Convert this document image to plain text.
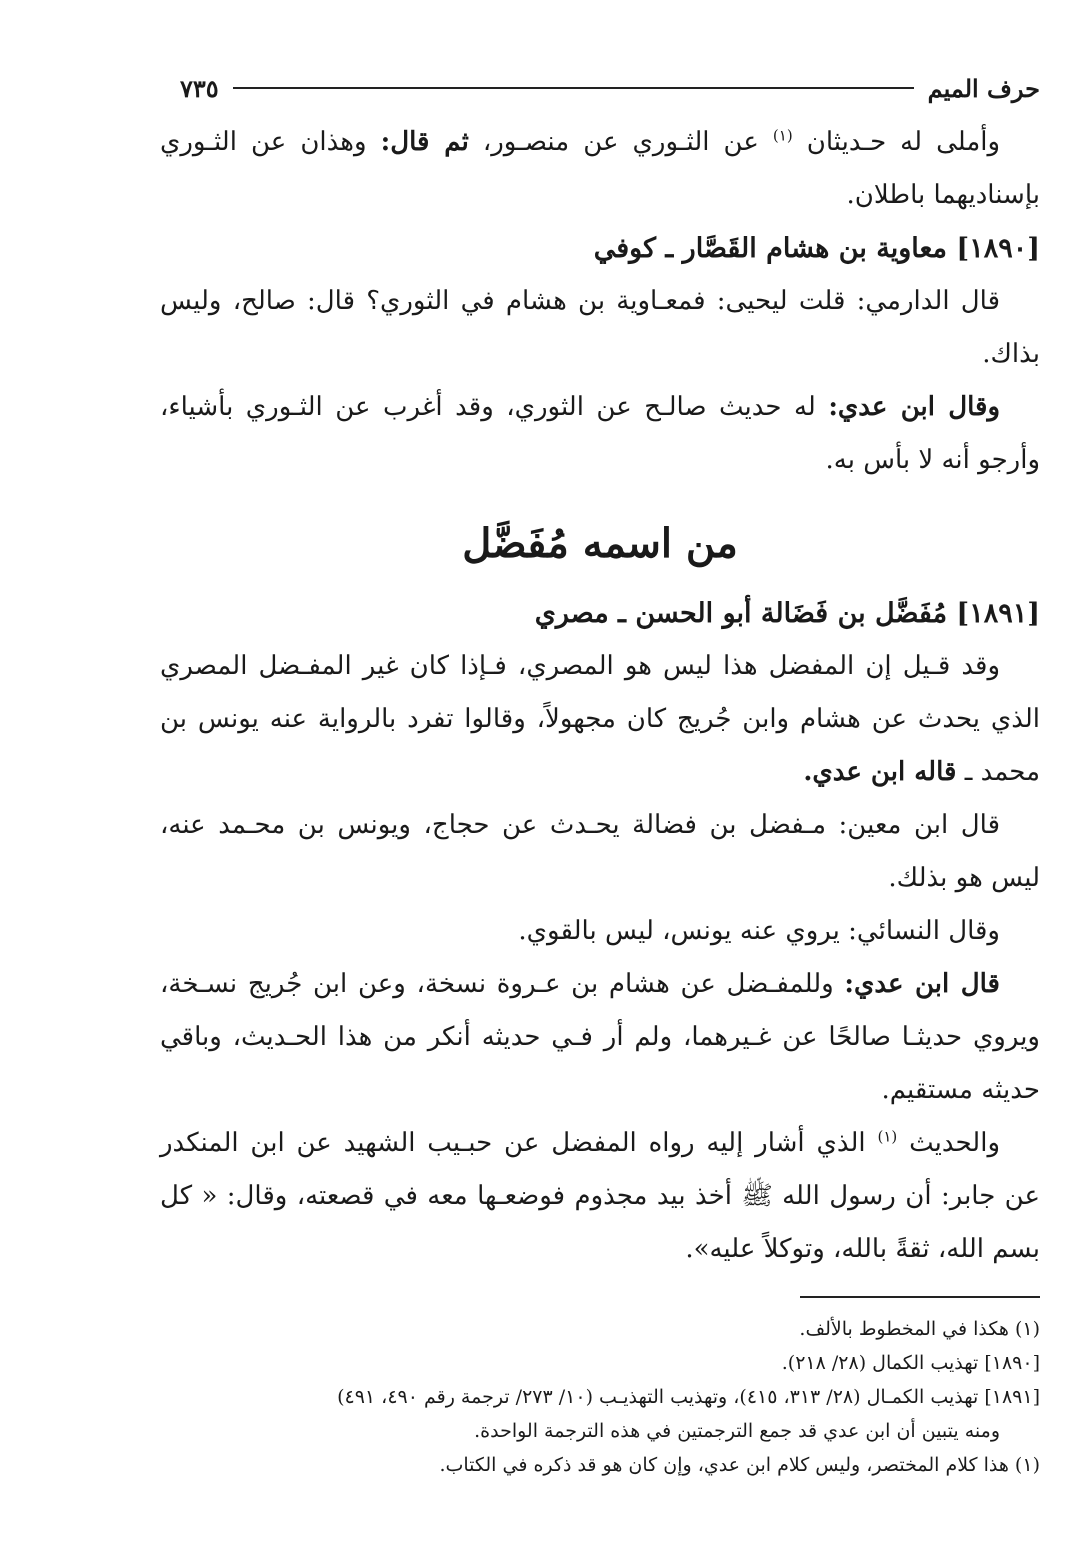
حرف الميم
٧٣٥

وأملى له حـديثان $^{(١)}$ عن الثـوري عن منصـور، ثم قال: وهذان عن الثـوري بإسناديهما باطلان.

[١٨٩٠] معاوية بن هشام القَصَّار ـ كوفي

قال الدارمي: قلت ليحيى: فمعـاوية بن هشام في الثوري؟ قال: صالح، وليس بذاك.

وقال ابن عدي: له حديث صالـح عن الثوري، وقد أغرب عن الثـوري بأشياء، وأرجو أنه لا بأس به.

من اسمه مُفَضَّل

[١٨٩١] مُفَضَّل بن فَضَالة أبو الحسن ـ مصري

وقد قـيل إن المفضل هذا ليس هو المصري، فـإذا كان غير المفـضل المصري الذي يحدث عن هشام وابن جُريج كان مجهولاً، وقالوا تفرد بالرواية عنه يونس بن محمد ـ قاله ابن عدي.

قال ابن معين: مـفضل بن فضالة يحـدث عن حجاج، ويونس بن محـمد عنه، ليس هو بذلك.

وقال النسائي: يروي عنه يونس، ليس بالقوي.

قال ابن عدي: وللمفـضل عن هشام بن عـروة نسخة، وعن ابن جُريج نسـخة، ويروي حديثـا صالحًا عن غـيرهما، ولم أر فـي حديثه أنكر من هذا الحـديث، وباقي حديثه مستقيم.

والحديث $^{(١)}$ الذي أشار إليه رواه المفضل عن حبـيب الشهيد عن ابن المنكدر عن جابر: أن رسول الله ﷺ أخذ بيد مجذوم فوضعـها معه في قصعته، وقال: « كل بسم الله، ثقةً بالله، وتوكلاً عليه».

(١) هكذا في المخطوط بالألف.

[١٨٩٠] تهذيب الكمال (٢٨/ ٢١٨).

[١٨٩١] تهذيب الكمـال (٢٨/ ٣١٣، ٤١٥)، وتهذيب التهذيـب (١٠/ ٢٧٣/ ترجمة رقم ٤٩٠، ٤٩١)

ومنه يتبين أن ابن عدي قد جمع الترجمتين في هذه الترجمة الواحدة.

(١) هذا كلام المختصر، وليس كلام ابن عدي، وإن كان هو قد ذكره في الكتاب.
